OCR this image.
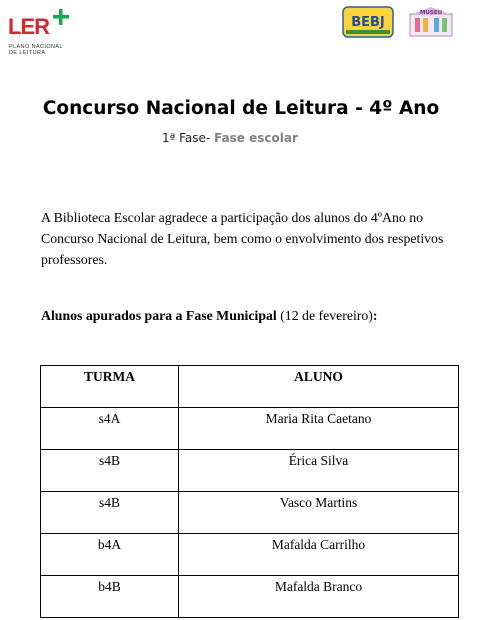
LER
PLANO NACIONAL
DE LEITURA
BEBJ
MUSEU
Concurso Nacional de Leitura - 4º Ano
1ª Fase- Fase escolar
A Biblioteca Escolar agradece a participação dos alunos do 4ºAno no Concurso Nacional de Leitura, bem como o envolvimento dos respetivos professores.
Alunos apurados para a Fase Municipal (12 de fevereiro):
TURMA	ALUNO
s4A	Maria Rita Caetano
s4B	Érica Silva
s4B	Vasco Martins
b4A	Mafalda Carrilho
b4B	Mafalda Branco
